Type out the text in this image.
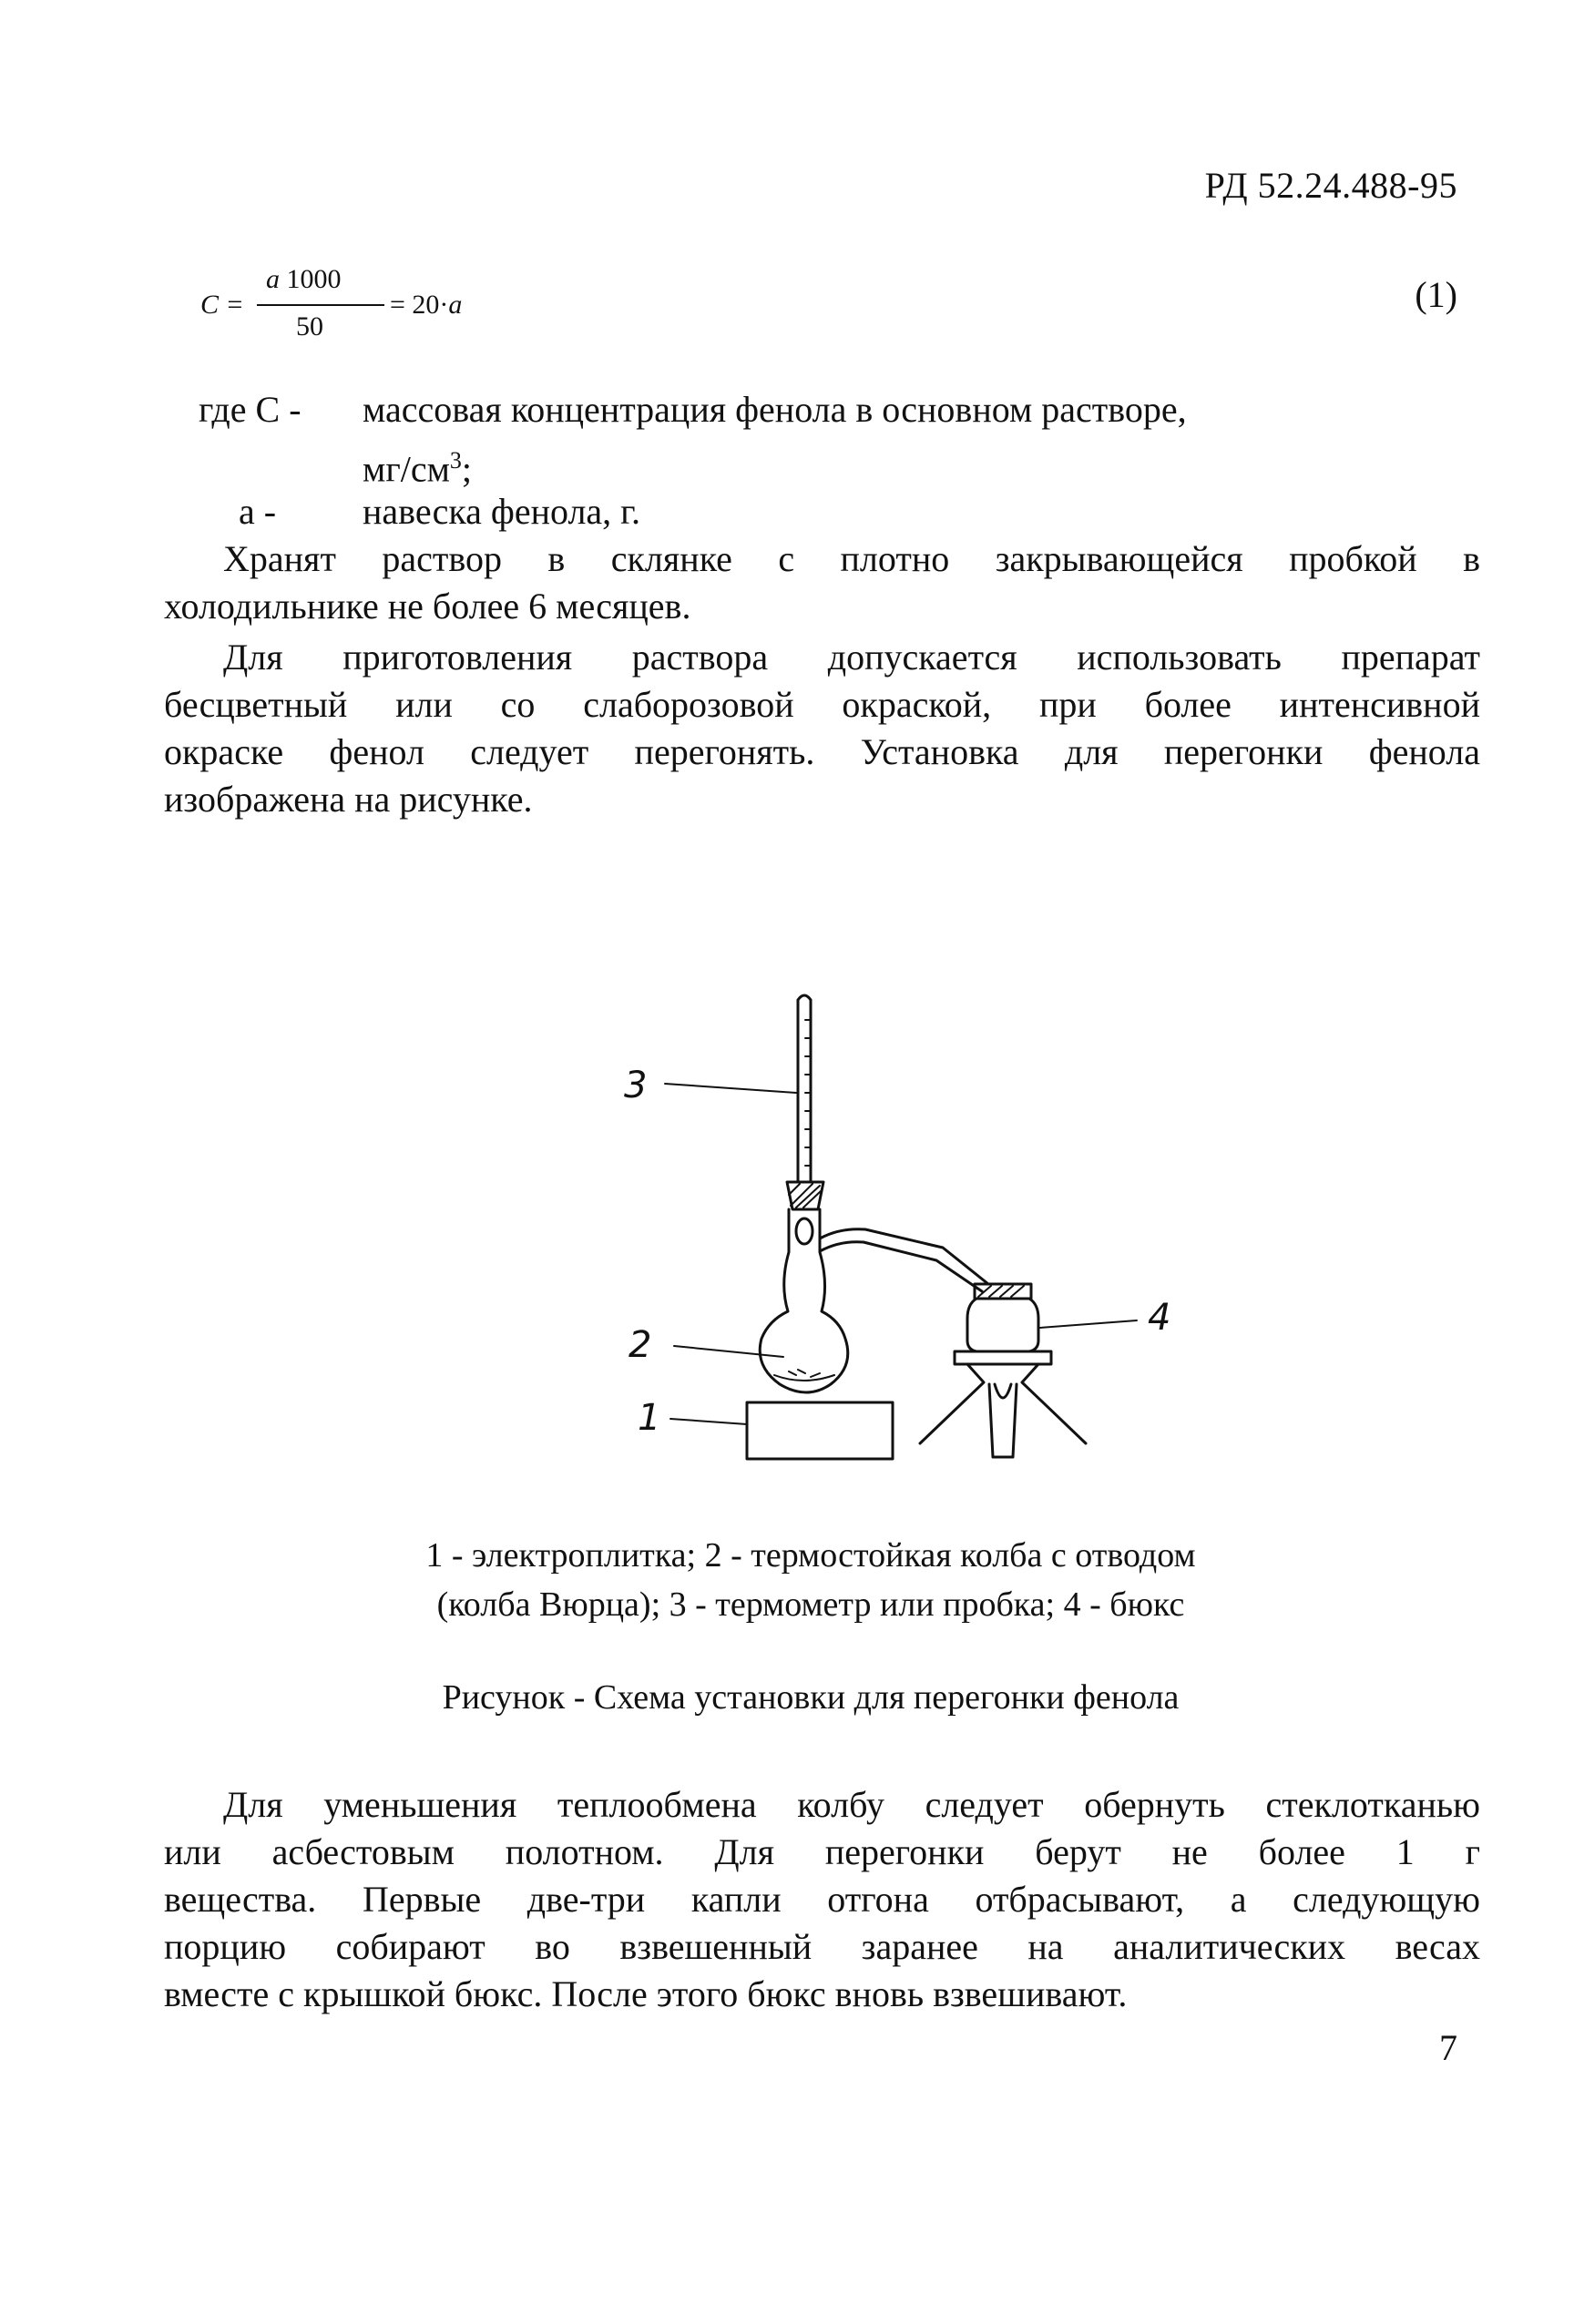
РД 52.24.488-95
C =
a 1000
50
= 20·a	(1)
где С - массовая концентрация фенола в основном растворе,
$мг/см^3$;
а - навеска фенола, г.
Хранят раствор в склянке с плотно закрывающейся пробкой в
холодильнике не более 6 месяцев.
Для приготовления раствора допускается использовать препарат
бесцветный или со слаборозовой окраской, при более интенсивной
окраске фенол следует перегонять. Установка для перегонки фенола
изображена на рисунке.
3
2
1
4
1 - электроплитка; 2 - термостойкая колба с отводом
(колба Вюрца); 3 - термометр или пробка; 4 - бюкс
Рисунок - Схема установки для перегонки фенола
Для уменьшения теплообмена колбу следует обернуть стеклотканью
или асбестовым полотном. Для перегонки берут не более 1 г
вещества. Первые две-три капли отгона отбрасывают, а следующую
порцию собирают во взвешенный заранее на аналитических весах
вместе с крышкой бюкс. После этого бюкс вновь взвешивают.
7
